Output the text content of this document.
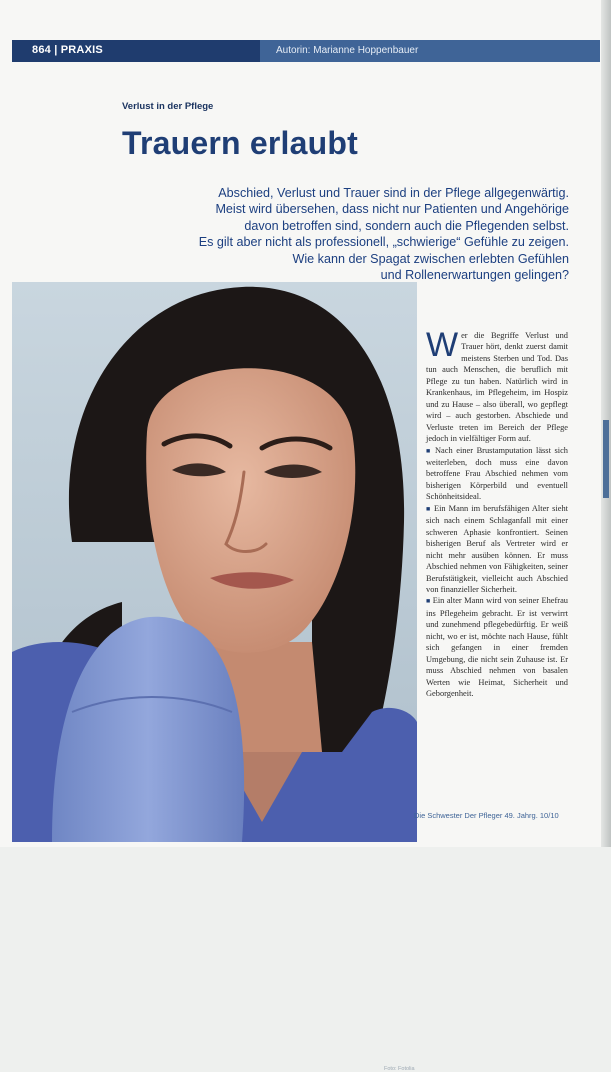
864 | PRAXIS	Autorin: Marianne Hoppenbauer
Verlust in der Pflege
Trauern erlaubt
Abschied, Verlust und Trauer sind in der Pflege allgegenwärtig.
Meist wird übersehen, dass nicht nur Patienten und Angehörige
davon betroffen sind, sondern auch die Pflegenden selbst.
Es gilt aber nicht als professionell, „schwierige“ Gefühle zu zeigen.
Wie kann der Spagat zwischen erlebten Gefühlen
und Rollenerwartungen gelingen?
Foto: Fotolia

Wer die Begriffe Verlust und Trauer hört, denkt zuerst damit meistens Sterben und Tod. Das tun auch Menschen, die beruflich mit Pflege zu tun haben. Natürlich wird in Krankenhaus, im Pflegeheim, im Hospiz und zu Hause – also überall, wo gepflegt wird – auch gestorben. Abschiede und Verluste treten im Bereich der Pflege jedoch in vielfältiger Form auf.

■ Nach einer Brustamputation lässt sich weiterleben, doch muss eine davon betroffene Frau Abschied nehmen vom bisherigen Körperbild und eventuell Schönheitsideal.

■ Ein Mann im berufsfähigen Alter sieht sich nach einem Schlaganfall mit einer schweren Aphasie konfrontiert. Seinen bisherigen Beruf als Vertreter wird er nicht mehr ausüben können. Er muss Abschied nehmen von Fähigkeiten, seiner Berufstätigkeit, vielleicht auch Abschied von finanzieller Sicherheit.

■ Ein alter Mann wird von seiner Ehefrau ins Pflegeheim gebracht. Er ist verwirrt und zunehmend pflegebedürftig. Er weiß nicht, wo er ist, möchte nach Hause, fühlt sich gefangen in einer fremden Umgebung, die nicht sein Zuhause ist. Er muss Abschied nehmen von basalen Werten wie Heimat, Sicherheit und Geborgenheit.

Die Schwester Der Pfleger 49. Jahrg. 10/10
